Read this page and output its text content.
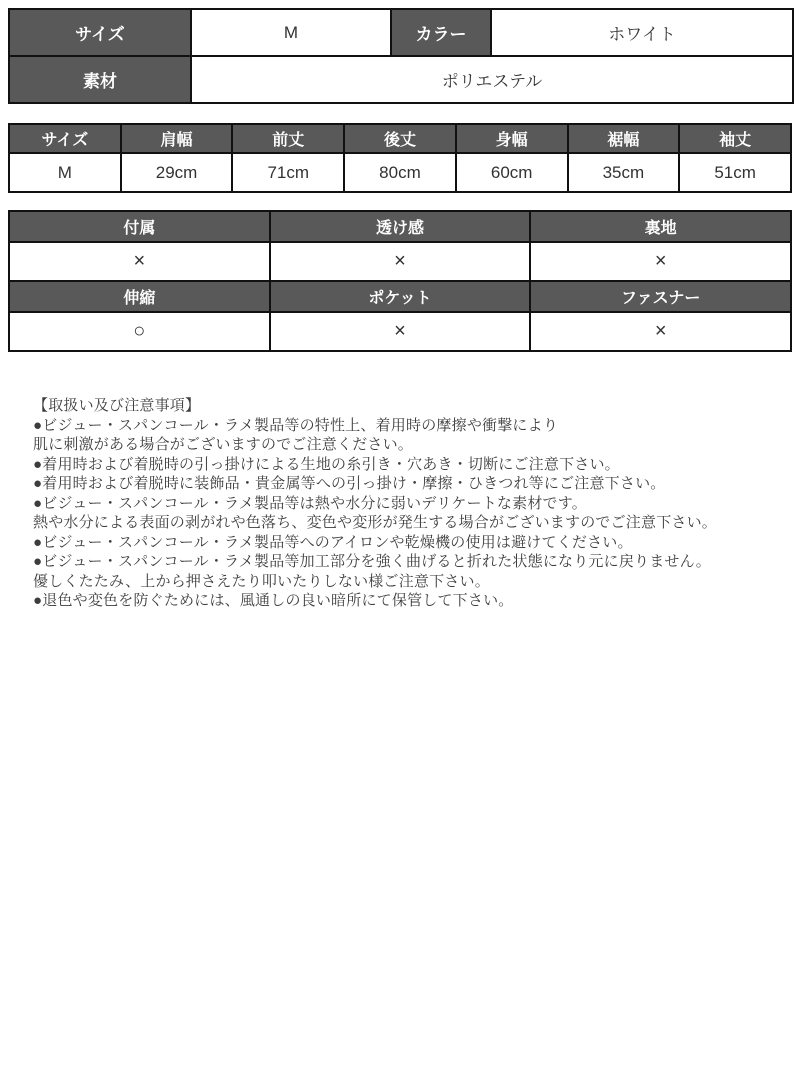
サイズ	M	カラー	ホワイト
素材	ポリエステル		
サイズ	肩幅	前丈	後丈	身幅	裾幅	袖丈
M	29cm	71cm	80cm	60cm	35cm	51cm
付属	透け感	裏地
×	×	×
伸縮	ポケット	ファスナー
○	×	×
【取扱い及び注意事項】
●ビジュー・スパンコール・ラメ製品等の特性上、着用時の摩擦や衝撃により
肌に刺激がある場合がございますのでご注意ください。
●着用時および着脱時の引っ掛けによる生地の糸引き・穴あき・切断にご注意下さい。
●着用時および着脱時に装飾品・貴金属等への引っ掛け・摩擦・ひきつれ等にご注意下さい。
●ビジュー・スパンコール・ラメ製品等は熱や水分に弱いデリケートな素材です。
熱や水分による表面の剥がれや色落ち、変色や変形が発生する場合がございますのでご注意下さい。
●ビジュー・スパンコール・ラメ製品等へのアイロンや乾燥機の使用は避けてください。
●ビジュー・スパンコール・ラメ製品等加工部分を強く曲げると折れた状態になり元に戻りません。
優しくたたみ、上から押さえたり叩いたりしない様ご注意下さい。
●退色や変色を防ぐためには、風通しの良い暗所にて保管して下さい。
